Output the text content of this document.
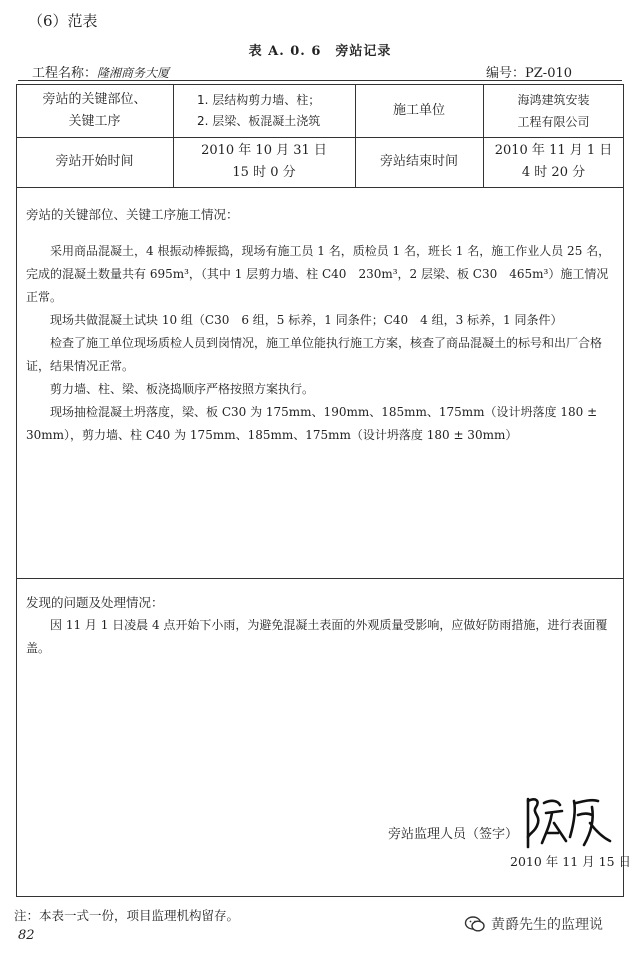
（6）范表
表 A. 0. 6　旁站记录
工程名称：隆湘商务大厦	编号：PZ-010
旁站的关键部位、
关键工序
1. 层结构剪力墙、柱；
2. 层梁、板混凝土浇筑
施工单位
海鸿建筑安装
工程有限公司
旁站开始时间
2010 年 10 月 31 日
15 时 0 分
旁站结束时间
2010 年 11 月 1 日
4 时 20 分

旁站的关键部位、关键工序施工情况：

采用商品混凝土，4 根振动棒振捣，现场有施工员 1 名，质检员 1 名，班长 1 名，施工作业人员 25 名，完成的混凝土数量共有 695m³，（其中 1 层剪力墙、柱 C40　230m³，2 层梁、板 C30　465m³）施工情况正常。

现场共做混凝土试块 10 组（C30　6 组，5 标养，1 同条件；C40　4 组，3 标养，1 同条件）

检查了施工单位现场质检人员到岗情况，施工单位能执行施工方案，核查了商品混凝土的标号和出厂合格证，结果情况正常。

剪力墙、柱、梁、板浇捣顺序严格按照方案执行。

现场抽检混凝土坍落度，梁、板 C30 为 175mm、190mm、185mm、175mm（设计坍落度 180 ± 30mm），剪力墙、柱 C40 为 175mm、185mm、175mm（设计坍落度 180 ± 30mm）

发现的问题及处理情况：

因 11 月 1 日凌晨 4 点开始下小雨，为避免混凝土表面的外观质量受影响，应做好防雨措施，进行表面覆盖。

旁站监理人员（签字）
2010 年 11 月 15 日
注：本表一式一份，项目监理机构留存。
82
黄爵先生的监理说
